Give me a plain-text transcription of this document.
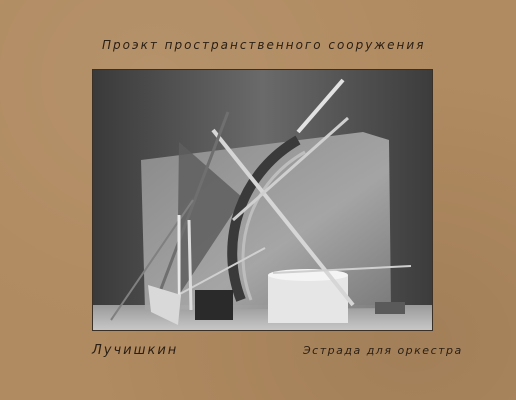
Проэкт пространственного сооружения
Лучишкин	Эстрада для оркестра
